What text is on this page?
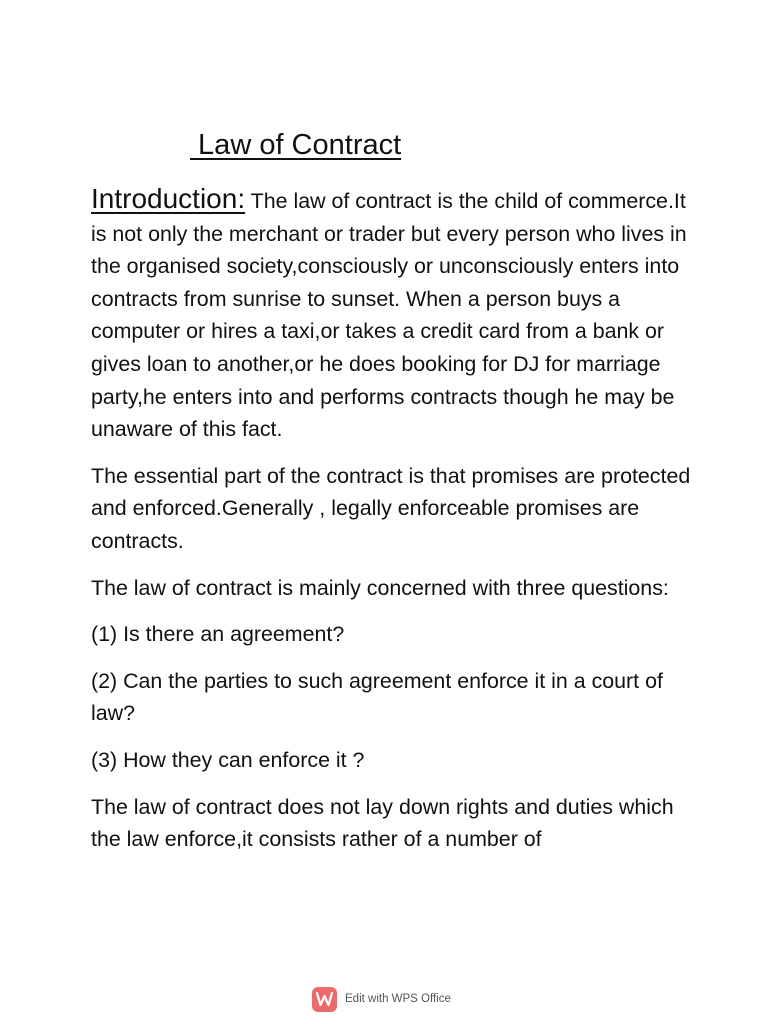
Law of Contract

Introduction: The law of contract is the child of commerce.It is not only the merchant or trader but every person who lives in the organised society,consciously or unconsciously enters into contracts from sunrise to sunset. When a person buys a computer or hires a taxi,or takes a credit card from a bank or gives loan to another,or he does booking for DJ for marriage party,he enters into and performs contracts though he may be unaware of this fact.

The essential part of the contract is that promises are protected and enforced.Generally , legally enforceable promises are contracts.

The law of contract is mainly concerned with three questions:

(1) Is there an agreement?

(2) Can the parties to such agreement enforce it in a court of law?

(3) How they can enforce it ?

The law of contract does not lay down rights and duties which the law enforce,it consists rather of a number of

Edit with WPS Office
